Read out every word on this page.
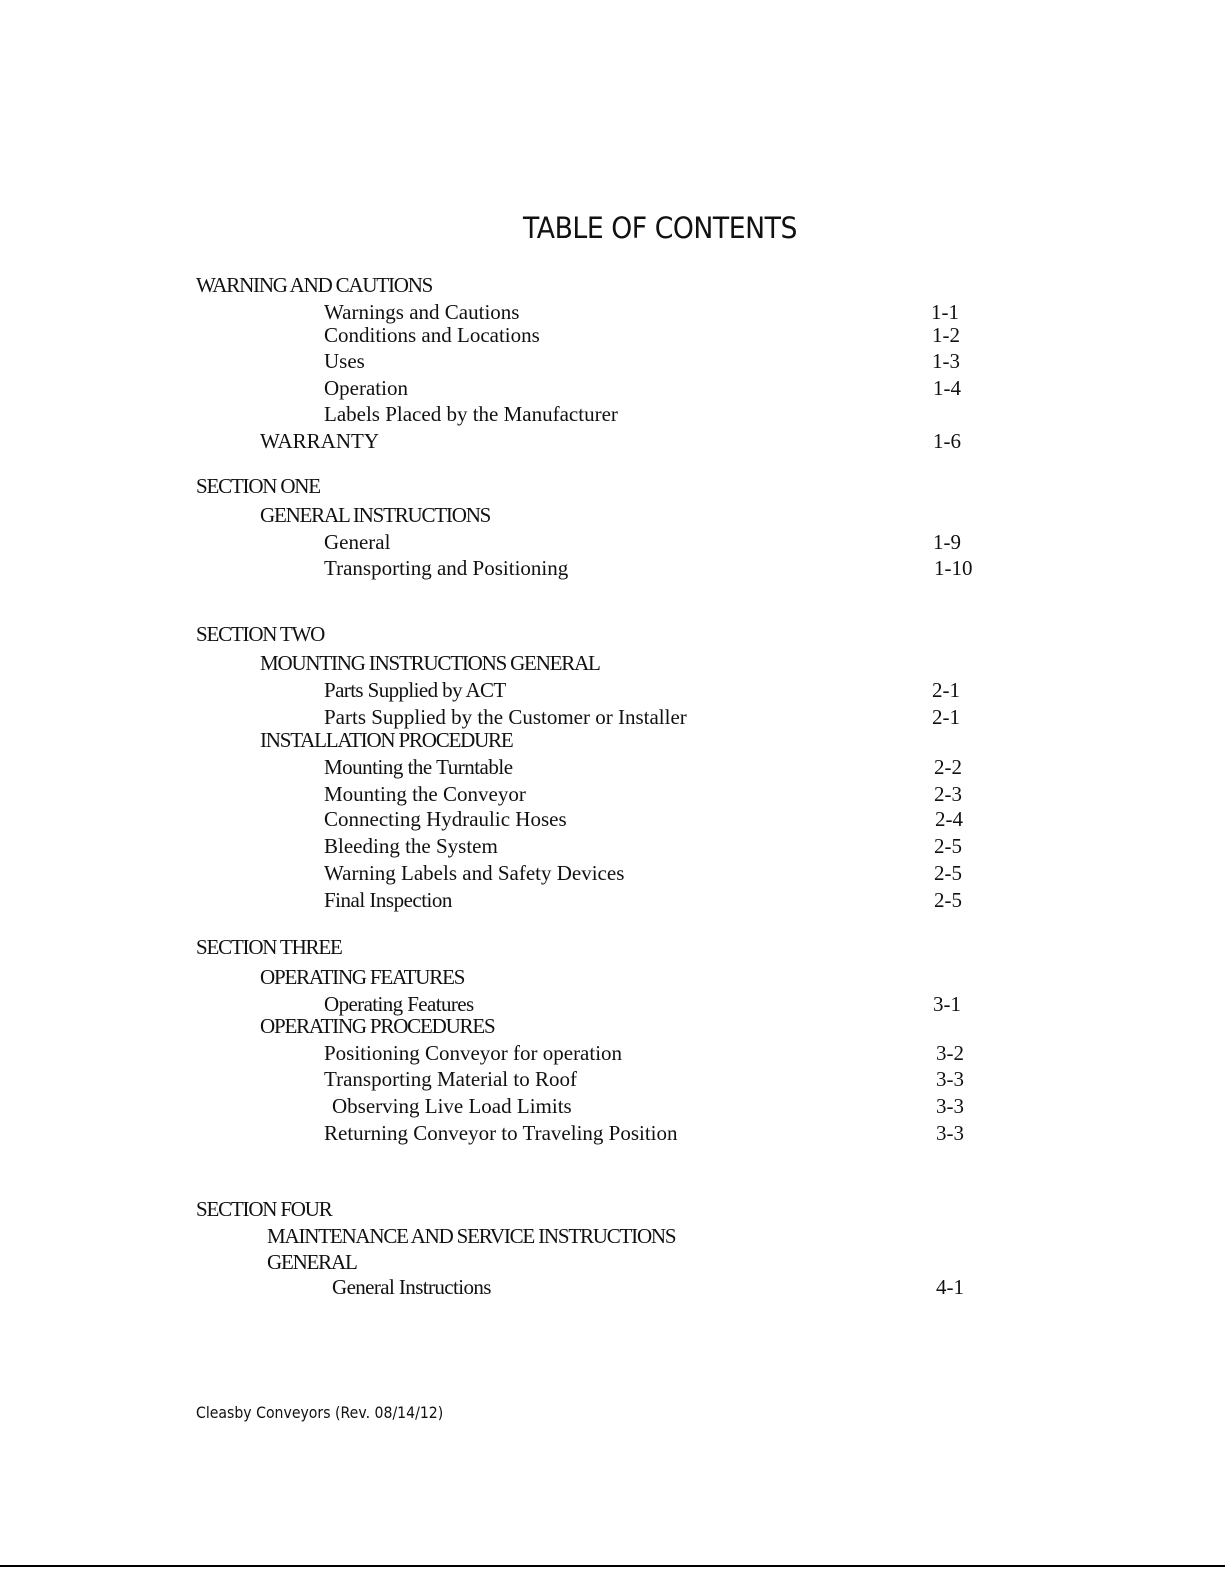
TABLE OF CONTENTS

WARNING AND CAUTIONS

Warnings and Cautions	1-1

Conditions and Locations	1-2

Uses	1-3

Operation	1-4

Labels Placed by the Manufacturer

WARRANTY	1-6

SECTION ONE

GENERAL INSTRUCTIONS

General	1-9

Transporting and Positioning	1-10

SECTION TWO

MOUNTING INSTRUCTIONS GENERAL

Parts Supplied by ACT	2-1

Parts Supplied by the Customer or Installer	2-1

INSTALLATION PROCEDURE

Mounting the Turntable	2-2

Mounting the Conveyor	2-3

Connecting Hydraulic Hoses	2-4

Bleeding the System	2-5

Warning Labels and Safety Devices	2-5

Final Inspection	2-5

SECTION THREE

OPERATING FEATURES

Operating Features	3-1

OPERATING PROCEDURES

Positioning Conveyor for operation	3-2

Transporting Material to Roof	3-3

Observing Live Load Limits	3-3

Returning Conveyor to Traveling Position	3-3

SECTION FOUR

MAINTENANCE AND SERVICE INSTRUCTIONS

GENERAL

General Instructions	4-1

Cleasby Conveyors (Rev. 08/14/12)
